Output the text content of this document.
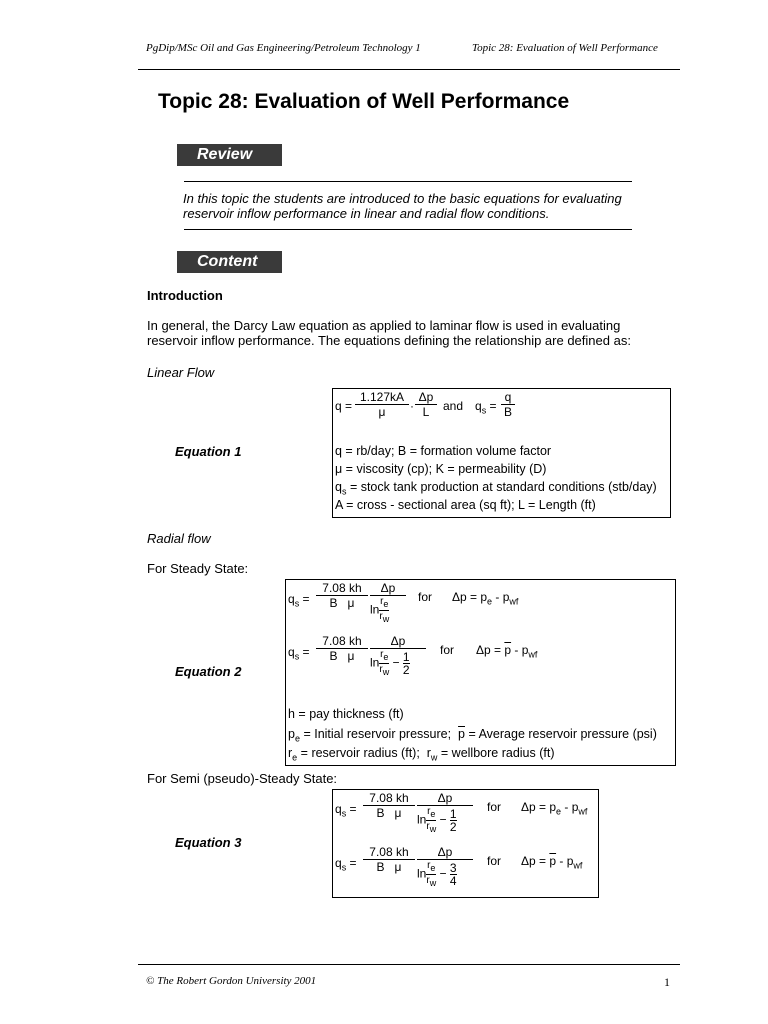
PgDip/MSc Oil and Gas Engineering/Petroleum Technology 1	Topic 28: Evaluation of Well Performance
Topic 28: Evaluation of Well Performance
Review
In this topic the students are introduced to the basic equations for evaluating
reservoir inflow performance in linear and radial flow conditions.
Content
Introduction
In general, the Darcy Law equation as applied to laminar flow is used in evaluating
reservoir inflow performance. The equations defining the relationship are defined as:
Linear Flow
Equation 1
$q = \frac{1.127kA}{\mu} \cdot \frac{\Delta p}{L}$ and $q_s = \frac{q}{B}$
q = rb/day; B = formation volume factor
μ = viscosity (cp); K = permeability (D)
$q_s$ = stock tank production at standard conditions (stb/day)
A = cross - sectional area (sq ft); L = Length (ft)
Radial flow
For Steady State:
Equation 2
$q_s = \frac{7.08 kh}{\text{B μ}}$	Δp
$\ln \frac{r_e}{r_w}$ for $\Delta p = p_e - p_{wf}$
$q_s = \frac{7.08 kh}{\text{B μ}}$	Δp
$\ln \frac{r_e}{r_w} - \frac{1}{2}$
for $\Delta p = \overline{p} - p_{wf}$
h = pay thickness (ft)
$p_e$ = Initial reservoir pressure; $\overline{p}$ = Average reservoir pressure (psi)
$r_e$ = reservoir radius (ft);  $r_w$ = wellbore radius (ft)
For Semi (pseudo)-Steady State:
Equation 3
$q_s = \frac{7.08 kh}{\text{B μ}}$	Δp
$\ln \frac{r_e}{r_w} - \frac{1}{2}$
for $\Delta p = p_e - p_{wf}$
$q_s = \frac{7.08 kh}{\text{B μ}}$	Δp
$\ln \frac{r_e}{r_w} - \frac{3}{4}$
for $\Delta p = \overline{p} - p_{wf}$
© The Robert Gordon University 2001	1
